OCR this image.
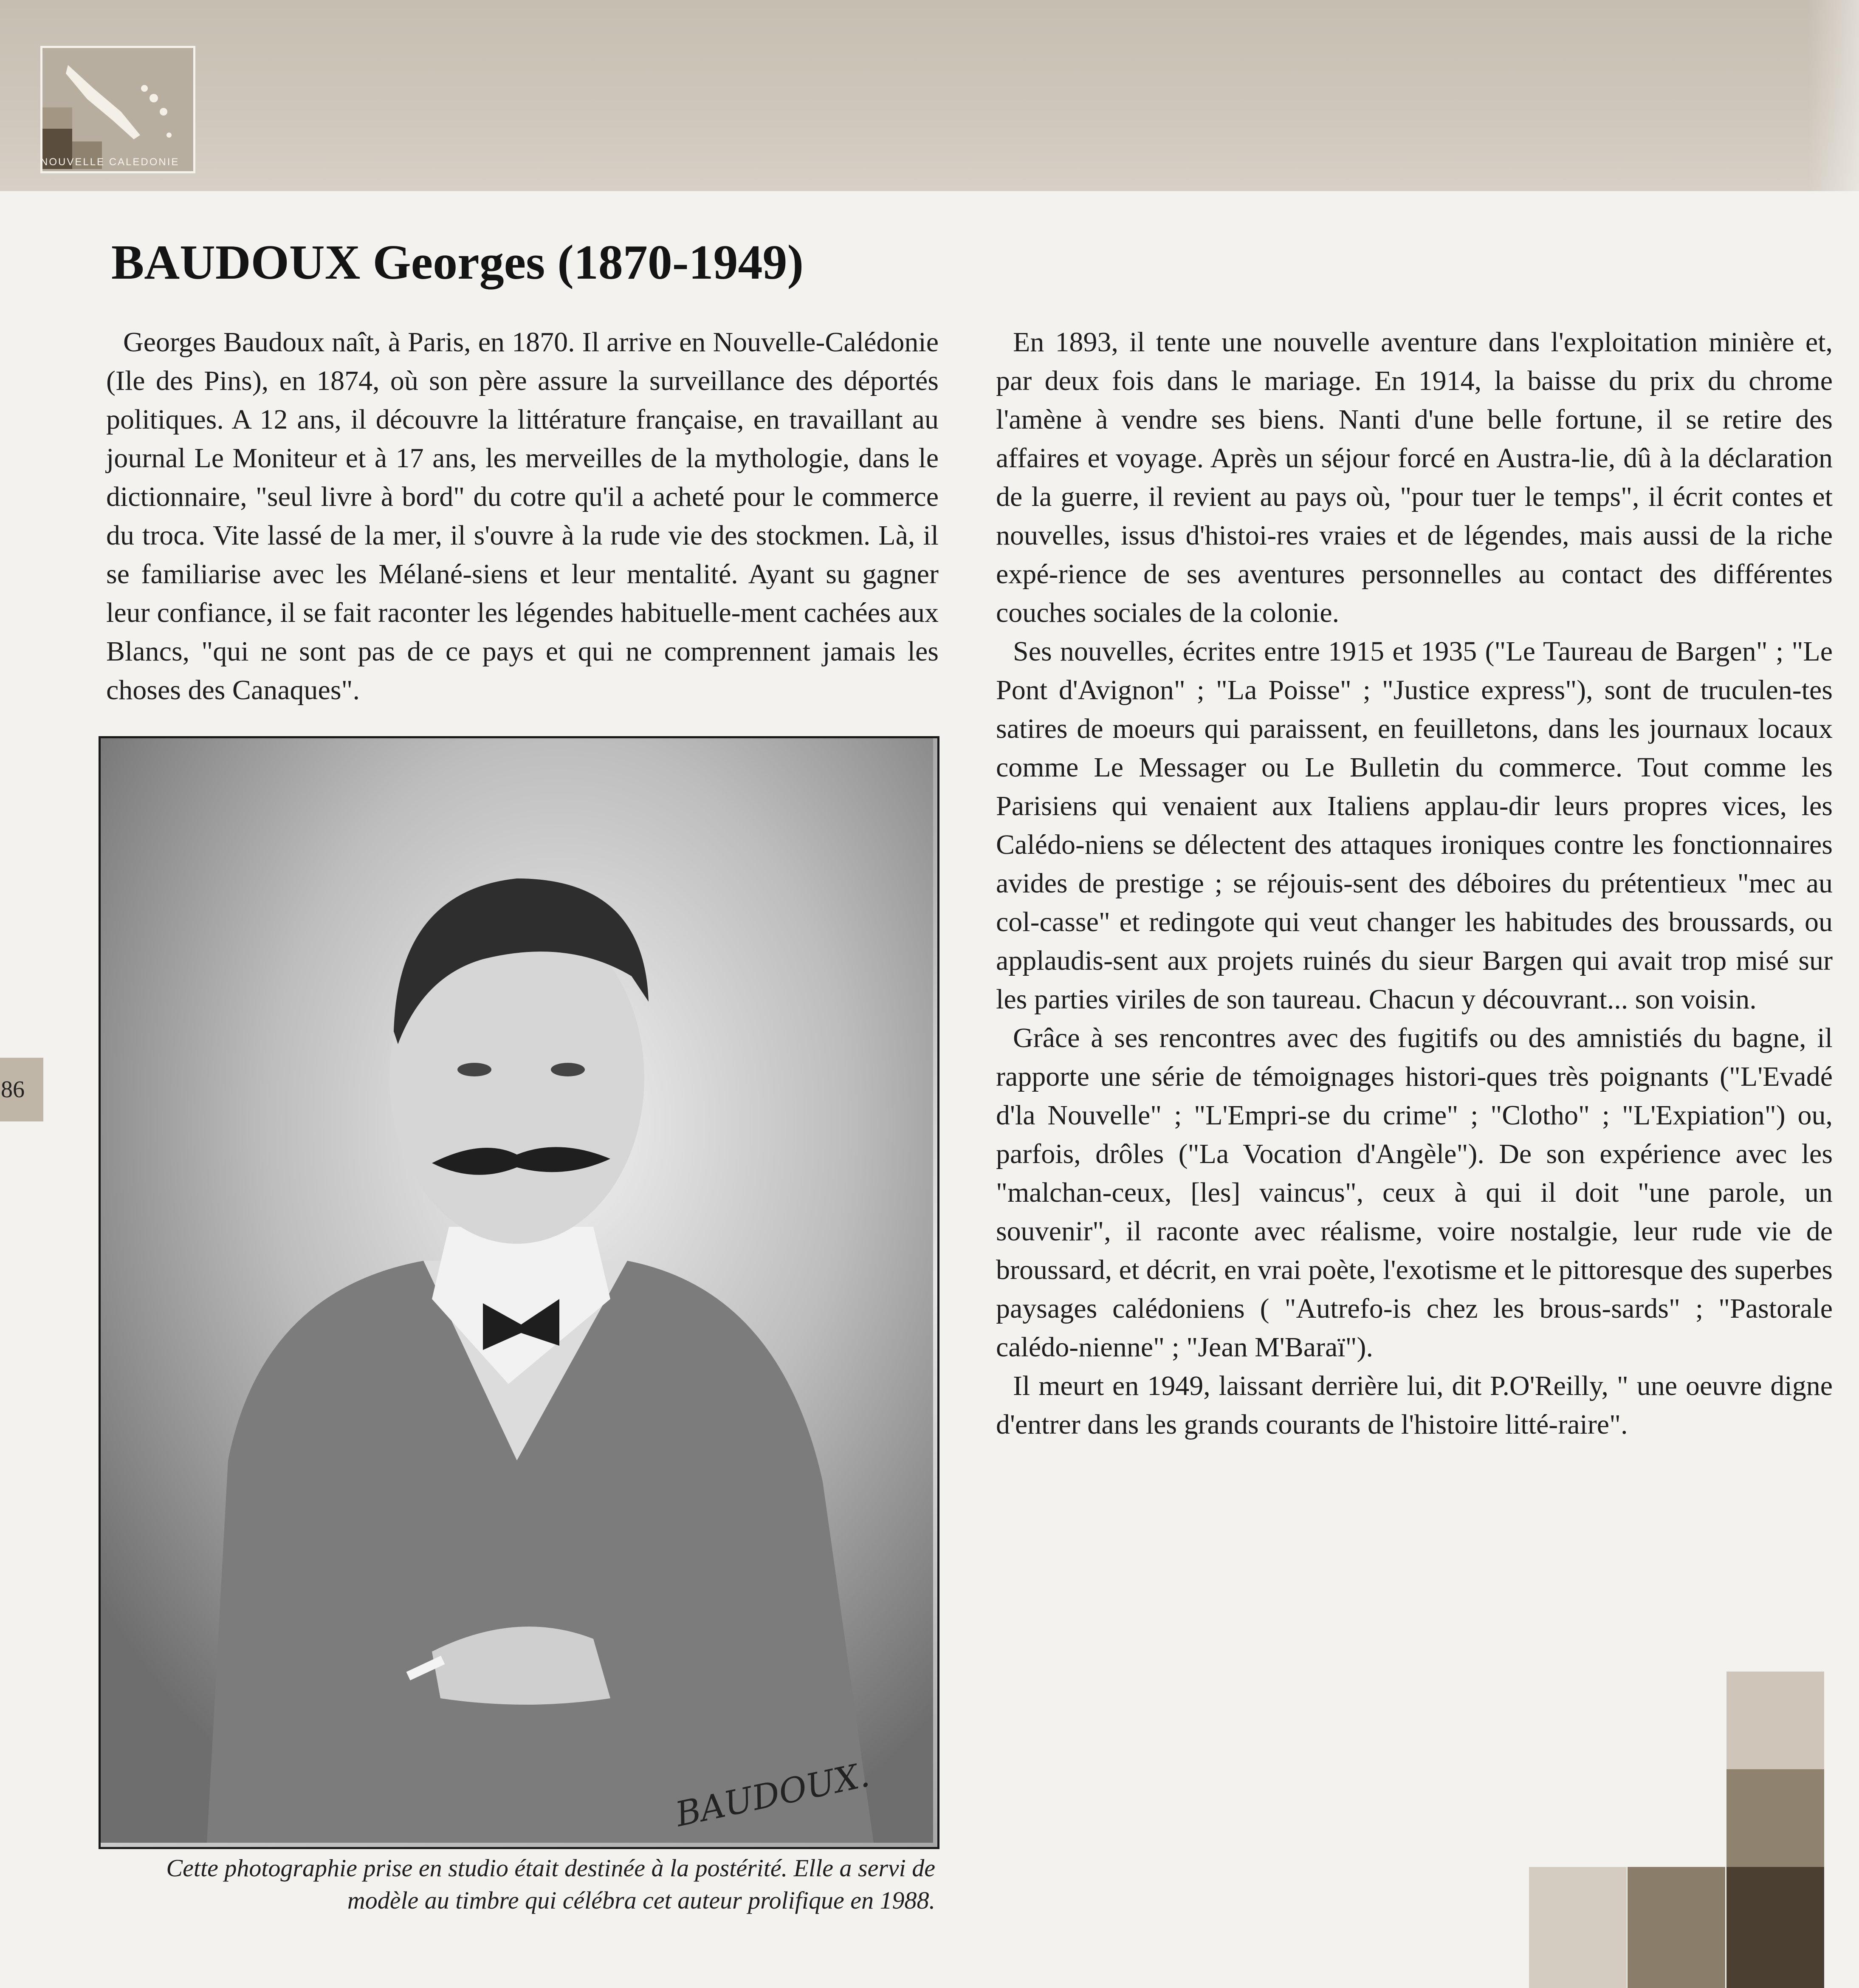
NOUVELLE CALEDONIE
86

BAUDOUX Georges (1870-1949)

Georges Baudoux naît, à Paris, en 1870. Il arrive en Nouvelle-Calédonie (Ile des Pins), en 1874, où son père assure la surveillance des déportés politiques. A 12 ans, il découvre la littérature française, en travaillant au journal Le Moniteur et à 17 ans, les merveilles de la mythologie, dans le dictionnaire, "seul livre à bord" du cotre qu'il a acheté pour le commerce du troca. Vite lassé de la mer, il s'ouvre à la rude vie des stockmen. Là, il se familiarise avec les Mélané-siens et leur mentalité. Ayant su gagner leur confiance, il se fait raconter les légendes habituelle-ment cachées aux Blancs, "qui ne sont pas de ce pays et qui ne comprennent jamais les choses des Canaques".

BAUDOUX.
Cette photographie prise en studio était destinée à la postérité. Elle a servi de modèle au timbre qui célébra cet auteur prolifique en 1988.

En 1893, il tente une nouvelle aventure dans l'exploitation minière et, par deux fois dans le mariage. En 1914, la baisse du prix du chrome l'amène à vendre ses biens. Nanti d'une belle fortune, il se retire des affaires et voyage. Après un séjour forcé en Austra-lie, dû à la déclaration de la guerre, il revient au pays où, "pour tuer le temps", il écrit contes et nouvelles, issus d'histoi-res vraies et de légendes, mais aussi de la riche expé-rience de ses aventures personnelles au contact des différentes couches sociales de la colonie.

Ses nouvelles, écrites entre 1915 et 1935 ("Le Taureau de Bargen" ; "Le Pont d'Avignon" ; "La Poisse" ; "Justice express"), sont de truculen-tes satires de moeurs qui paraissent, en feuilletons, dans les journaux locaux comme Le Messager ou Le Bulletin du commerce. Tout comme les Parisiens qui venaient aux Italiens applau-dir leurs propres vices, les Calédo-niens se délectent des attaques ironiques contre les fonctionnaires avides de prestige ; se réjouis-sent des déboires du prétentieux "mec au col-casse" et redingote qui veut changer les habitudes des broussards, ou applaudis-sent aux projets ruinés du sieur Bargen qui avait trop misé sur les parties viriles de son taureau. Chacun y découvrant... son voisin.

Grâce à ses rencontres avec des fugitifs ou des amnistiés du bagne, il rapporte une série de témoignages histori-ques très poignants ("L'Evadé d'la Nouvelle" ; "L'Empri-se du crime" ; "Clotho" ; "L'Expiation") ou, parfois, drôles ("La Vocation d'Angèle"). De son expérience avec les "malchan-ceux, [les] vaincus", ceux à qui il doit "une parole, un souvenir", il raconte avec réalisme, voire nostalgie, leur rude vie de broussard, et décrit, en vrai poète, l'exotisme et le pittoresque des superbes paysages calédoniens ( "Autrefo-is chez les brous-sards" ; "Pastorale calédo-nienne" ; "Jean M'Baraï").

Il meurt en 1949, laissant derrière lui, dit P.O'Reilly, " une oeuvre digne d'entrer dans les grands courants de l'histoire litté-raire".
